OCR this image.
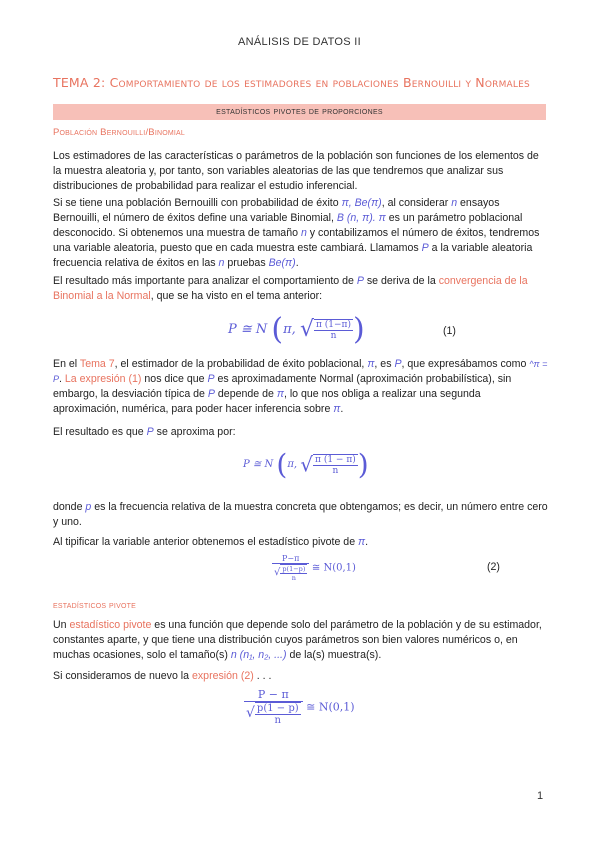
ANÁLISIS DE DATOS II
TEMA 2: Comportamiento de los estimadores en poblaciones Bernouilli y Normales
estadísticos pivotes de proporciones
Población Bernouilli/Binomial
Los estimadores de las características o parámetros de la población son funciones de los elementos de la muestra aleatoria y, por tanto, son variables aleatorias de las que tendremos que analizar sus distribuciones de probabilidad para realizar el estudio inferencial.
Si se tiene una población Bernouilli con probabilidad de éxito π, Be(π), al considerar n ensayos Bernouilli, el número de éxitos define una variable Binomial, B (n, π). π es un parámetro poblacional desconocido. Si obtenemos una muestra de tamaño n y contabilizamos el número de éxitos, tendremos una variable aleatoria, puesto que en cada muestra este cambiará. Llamamos P a la variable aleatoria frecuencia relativa de éxitos en las n pruebas Be(π).
El resultado más importante para analizar el comportamiento de P se deriva de la convergencia de la Binomial a la Normal, que se ha visto en el tema anterior:
P ≅ N (π, √ $\frac{\pi (1-\pi)}{n}$ )	(1)
En el Tema 7, el estimador de la probabilidad de éxito poblacional, π, es P, que expresábamos como ^π = P. La expresión (1) nos dice que P es aproximadamente Normal (aproximación probabilística), sin embargo, la desviación típica de P depende de π, lo que nos obliga a realizar una segunda aproximación, numérica, para poder hacer inferencia sobre π.
El resultado es que P se aproxima por:
P ≅ N (π, √ $\frac{\pi (1 - \pi)}{n}$ )
donde p es la frecuencia relativa de la muestra concreta que obtengamos; es decir, un número entre cero y uno.
Al tipificar la variable anterior obtenemos el estadístico pivote de π.
$\frac{P-\pi}{√ \frac{p(1-p)}{n}}$ ≅ N(0,1)	(2)
estadísticos pivote
Un estadístico pivote es una función que depende solo del parámetro de la población y de su estimador, constantes aparte, y que tiene una distribución cuyos parámetros son bien valores numéricos o, en muchas ocasiones, solo el tamaño(s) n (n₁, n₂, ...) de la(s) muestra(s).
Si consideramos de nuevo la expresión (2) . . .
$\frac{P - \pi}{√ \frac{p(1 - p)}{n}}$ ≅ N(0,1)
1
